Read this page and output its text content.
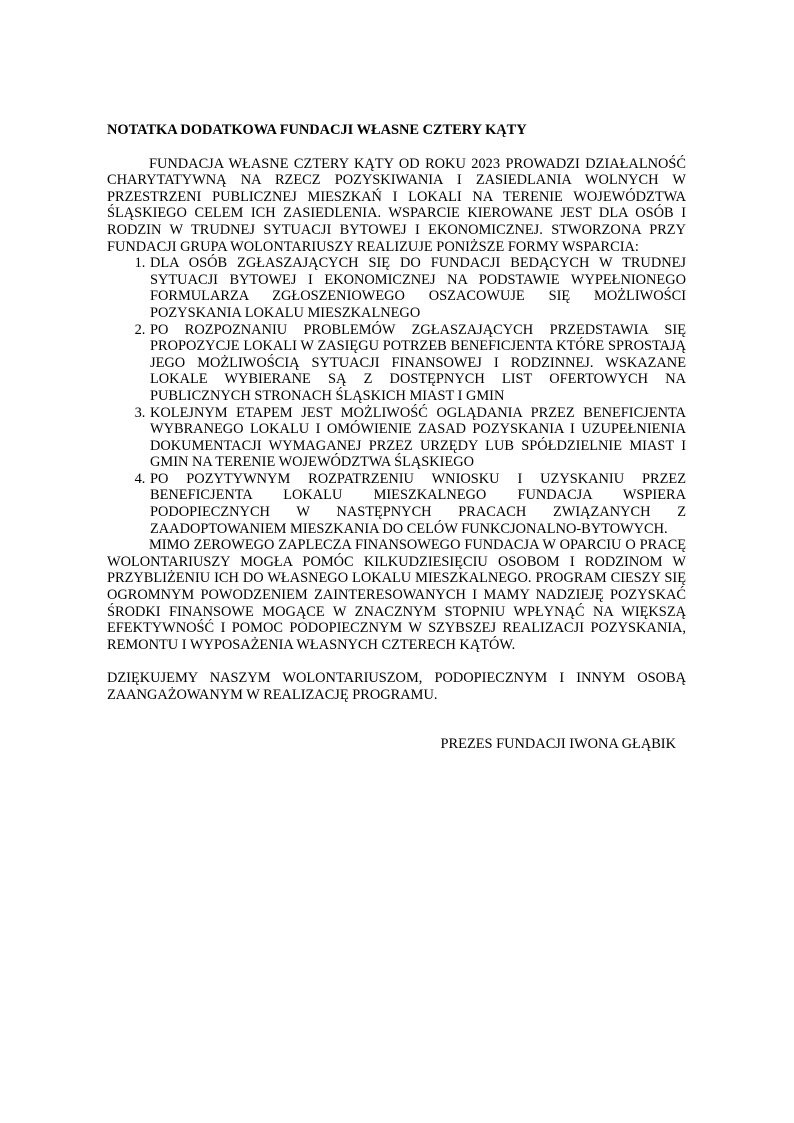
NOTATKA DODATKOWA FUNDACJI WŁASNE CZTERY KĄTY

FUNDACJA WŁASNE CZTERY KĄTY OD ROKU 2023 PROWADZI DZIAŁALNOŚĆ CHARYTATYWNĄ NA RZECZ POZYSKIWANIA I ZASIEDLANIA WOLNYCH W PRZESTRZENI PUBLICZNEJ MIESZKAŃ I LOKALI NA TERENIE WOJEWÓDZTWA ŚLĄSKIEGO CELEM ICH ZASIEDLENIA. WSPARCIE KIEROWANE JEST DLA OSÓB I RODZIN W TRUDNEJ SYTUACJI BYTOWEJ I EKONOMICZNEJ. STWORZONA PRZY FUNDACJI GRUPA WOLONTARIUSZY REALIZUJE PONIŻSZE FORMY WSPARCIA:

1. DLA OSÓB ZGŁASZAJĄCYCH SIĘ DO FUNDACJI BEDĄCYCH W TRUDNEJ SYTUACJI BYTOWEJ I EKONOMICZNEJ NA PODSTAWIE WYPEŁNIONEGO FORMULARZA ZGŁOSZENIOWEGO OSZACOWUJE SIĘ MOŻLIWOŚCI POZYSKANIA LOKALU MIESZKALNEGO
2. PO ROZPOZNANIU PROBLEMÓW ZGŁASZAJĄCYCH PRZEDSTAWIA SIĘ PROPOZYCJE LOKALI W ZASIĘGU POTRZEB BENEFICJENTA KTÓRE SPROSTAJĄ JEGO MOŻLIWOŚCIĄ SYTUACJI FINANSOWEJ I RODZINNEJ. WSKAZANE LOKALE WYBIERANE SĄ Z DOSTĘPNYCH LIST OFERTOWYCH NA PUBLICZNYCH STRONACH ŚLĄSKICH MIAST I GMIN
3. KOLEJNYM ETAPEM JEST MOŻLIWOŚĆ OGLĄDANIA PRZEZ BENEFICJENTA WYBRANEGO LOKALU I OMÓWIENIE ZASAD POZYSKANIA I UZUPEŁNIENIA DOKUMENTACJI WYMAGANEJ PRZEZ URZĘDY LUB SPÓŁDZIELNIE MIAST I GMIN NA TERENIE WOJEWÓDZTWA ŚLĄSKIEGO
4. PO POZYTYWNYM ROZPATRZENIU WNIOSKU I UZYSKANIU PRZEZ BENEFICJENTA LOKALU MIESZKALNEGO FUNDACJA WSPIERA PODOPIECZNYCH W NASTĘPNYCH PRACACH ZWIĄZANYCH Z ZAADOPTOWANIEM MIESZKANIA DO CELÓW FUNKCJONALNO-BYTOWYCH.

MIMO ZEROWEGO ZAPLECZA FINANSOWEGO FUNDACJA W OPARCIU O PRACĘ WOLONTARIUSZY MOGŁA POMÓC KILKUDZIESIĘCIU OSOBOM I RODZINOM W PRZYBLIŻENIU ICH DO WŁASNEGO LOKALU MIESZKALNEGO. PROGRAM CIESZY SIĘ OGROMNYM POWODZENIEM ZAINTERESOWANYCH I MAMY NADZIEJĘ POZYSKAĆ ŚRODKI FINANSOWE MOGĄCE W ZNACZNYM STOPNIU WPŁYNĄĆ NA WIĘKSZĄ EFEKTYWNOŚĆ I POMOC PODOPIECZNYM W SZYBSZEJ REALIZACJI POZYSKANIA, REMONTU I WYPOSAŻENIA WŁASNYCH CZTERECH KĄTÓW.

DZIĘKUJEMY NASZYM WOLONTARIUSZOM, PODOPIECZNYM I INNYM OSOBĄ ZAANGAŻOWANYM W REALIZACJĘ PROGRAMU.

PREZES FUNDACJI IWONA GŁĄBIK
